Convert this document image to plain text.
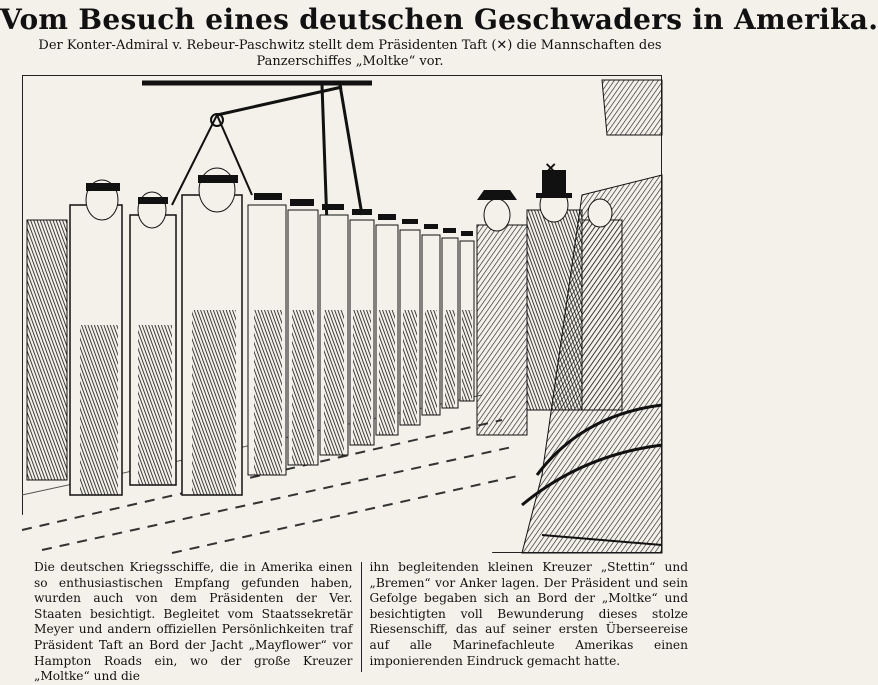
Vom Besuch eines deutschen Geschwaders in Amerika.
Der Konter-Admiral v. Rebeur-Paschwitz stellt dem Präsidenten Taft (✕) die Mannschaften des Panzerschiffes „Moltke“ vor.
×

Die deutschen Kriegsschiffe, die in Amerika einen so enthusiastischen Empfang gefunden haben, wurden auch von dem Präsidenten der Ver. Staaten besichtigt. Begleitet vom Staatssekretär Meyer und andern offiziellen Persönlichkeiten traf Präsident Taft an Bord der Jacht „Mayflower“ vor Hampton Roads ein, wo der große Kreuzer „Moltke“ und die

ihn begleitenden kleinen Kreuzer „Stettin“ und „Bremen“ vor Anker lagen. Der Präsident und sein Gefolge begaben sich an Bord der „Moltke“ und besichtigten voll Bewunderung dieses stolze Riesenschiff, das auf seiner ersten Überseereise auf alle Marinefachleute Amerikas einen imponierenden Eindruck gemacht hatte.
